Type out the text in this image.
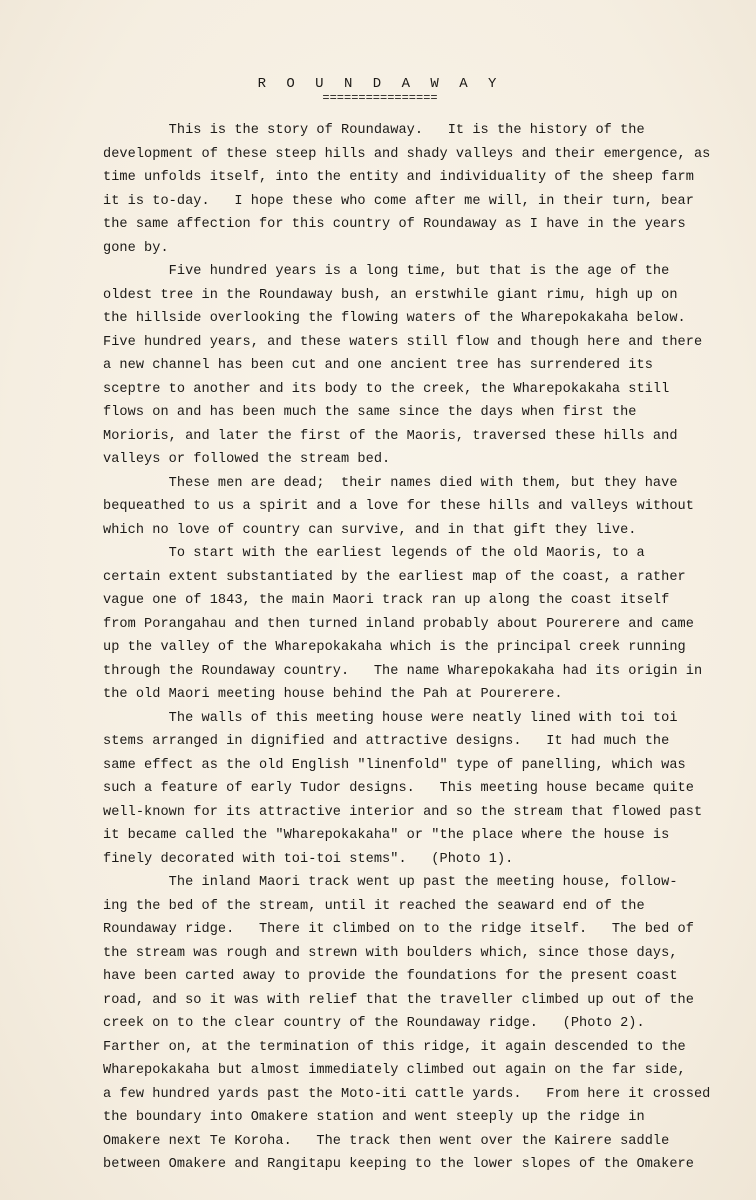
R O U N D A W A Y
================
This is the story of Roundaway.   It is the history of the
development of these steep hills and shady valleys and their emergence, as
time unfolds itself, into the entity and individuality of the sheep farm
it is to-day.   I hope these who come after me will, in their turn, bear
the same affection for this country of Roundaway as I have in the years
gone by.
Five hundred years is a long time, but that is the age of the
oldest tree in the Roundaway bush, an erstwhile giant rimu, high up on
the hillside overlooking the flowing waters of the Wharepokakaha below.
Five hundred years, and these waters still flow and though here and there
a new channel has been cut and one ancient tree has surrendered its
sceptre to another and its body to the creek, the Wharepokakaha still
flows on and has been much the same since the days when first the
Morioris, and later the first of the Maoris, traversed these hills and
valleys or followed the stream bed.
These men are dead;  their names died with them, but they have
bequeathed to us a spirit and a love for these hills and valleys without
which no love of country can survive, and in that gift they live.
To start with the earliest legends of the old Maoris, to a
certain extent substantiated by the earliest map of the coast, a rather
vague one of 1843, the main Maori track ran up along the coast itself
from Porangahau and then turned inland probably about Pourerere and came
up the valley of the Wharepokakaha which is the principal creek running
through the Roundaway country.   The name Wharepokakaha had its origin in
the old Maori meeting house behind the Pah at Pourerere.
The walls of this meeting house were neatly lined with toi toi
stems arranged in dignified and attractive designs.   It had much the
same effect as the old English "linenfold" type of panelling, which was
such a feature of early Tudor designs.   This meeting house became quite
well-known for its attractive interior and so the stream that flowed past
it became called the "Wharepokakaha" or "the place where the house is
finely decorated with toi-toi stems".   (Photo 1).
The inland Maori track went up past the meeting house, follow-
ing the bed of the stream, until it reached the seaward end of the
Roundaway ridge.   There it climbed on to the ridge itself.   The bed of
the stream was rough and strewn with boulders which, since those days,
have been carted away to provide the foundations for the present coast
road, and so it was with relief that the traveller climbed up out of the
creek on to the clear country of the Roundaway ridge.   (Photo 2).
Farther on, at the termination of this ridge, it again descended to the
Wharepokakaha but almost immediately climbed out again on the far side,
a few hundred yards past the Moto-iti cattle yards.   From here it crossed
the boundary into Omakere station and went steeply up the ridge in
Omakere next Te Koroha.   The track then went over the Kairere saddle
between Omakere and Rangitapu keeping to the lower slopes of the Omakere
